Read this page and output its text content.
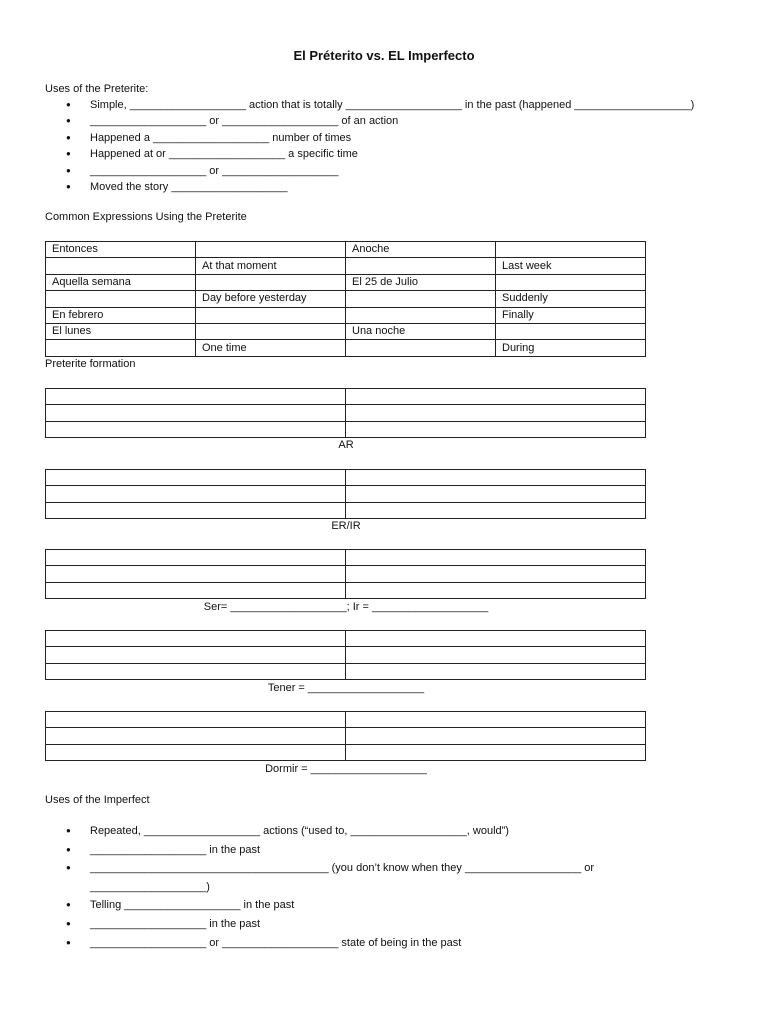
El Préterito vs. EL Imperfecto
Uses of the Preterite:
● Simple, ___________________ action that is totally ___________________ in the past (happened ___________________)
● ___________________ or ___________________ of an action
● Happened a ___________________ number of times
● Happened at or ___________________ a specific time
● ___________________ or ___________________
● Moved the story ___________________
Common Expressions Using the Preterite
Entonces		Anoche	
	At that moment		Last week
Aquella semana		El 25 de Julio	
	Day before yesterday		Suddenly
En febrero			Finally
El lunes		Una noche	
	One time		During
Preterite formation

AR

ER/IR

Ser= ___________________; Ir = ___________________

Tener = ___________________

Dormir = ___________________
Uses of the Imperfect
● Repeated, ___________________ actions (“used to, ___________________, would”)
● ___________________ in the past
● _______________________________________ (you don’t know when they ___________________ or
___________________)
● Telling ___________________ in the past
● ___________________ in the past
● ___________________ or ___________________ state of being in the past
